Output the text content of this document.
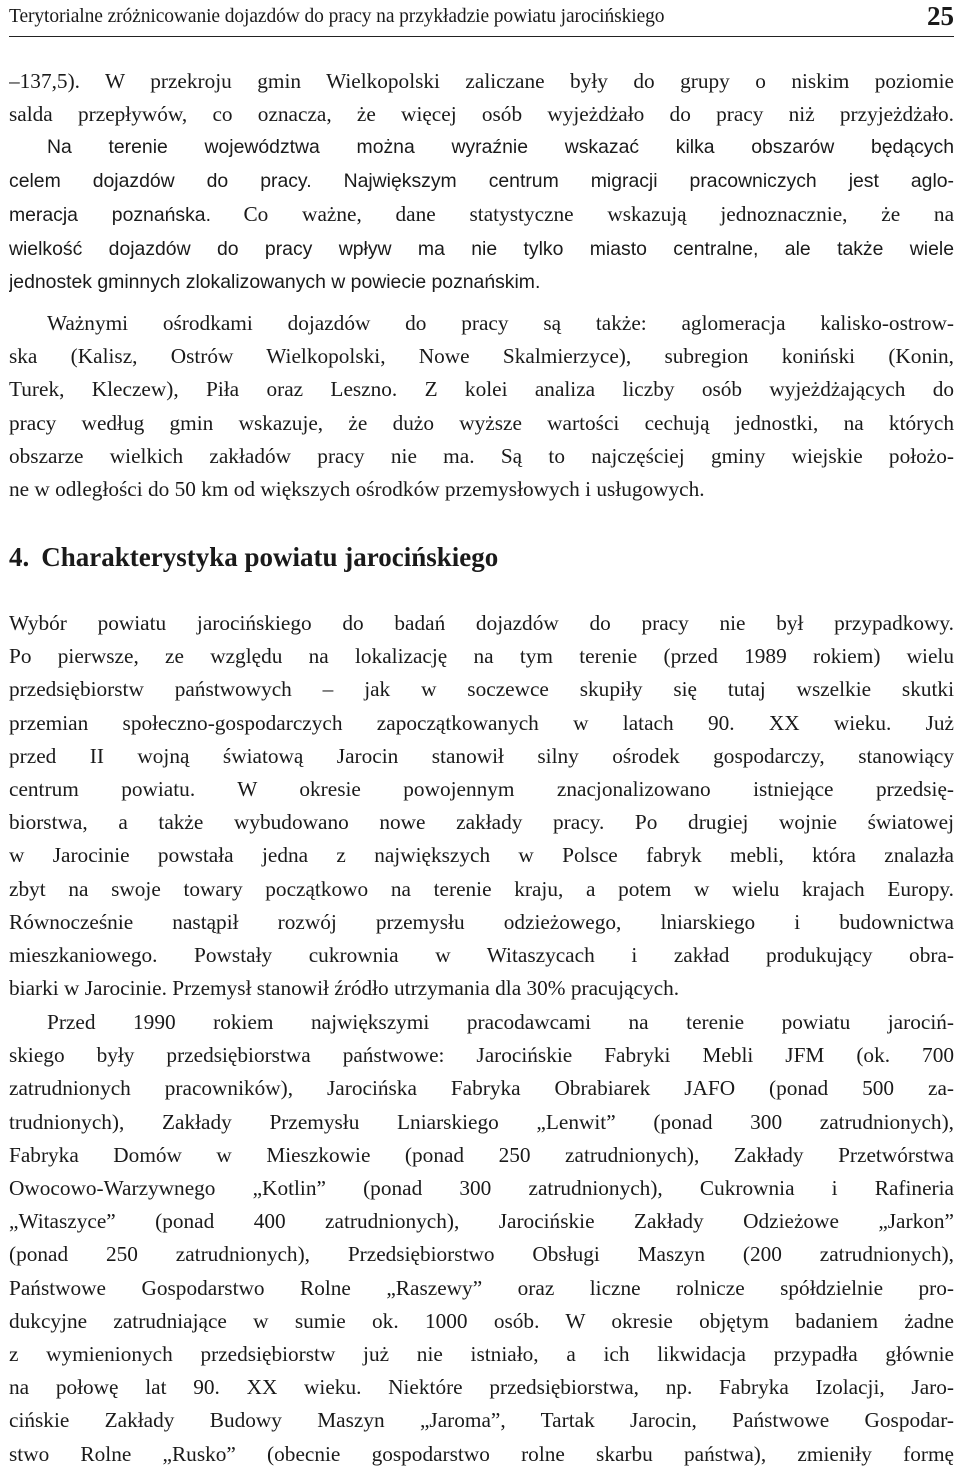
Terytorialne zróżnicowanie dojazdów do pracy na przykładzie powiatu jarocińskiego	25
–137,5). W przekroju gmin Wielkopolski zaliczane były do grupy o niskim poziomie
salda przepływów, co oznacza, że więcej osób wyjeżdżało do pracy niż przyjeżdżało.
Na terenie województwa można wyraźnie wskazać kilka obszarów będących
celem dojazdów do pracy. Największym centrum migracji pracowniczych jest aglo-
meracja poznańska. Co ważne, dane statystyczne wskazują jednoznacznie, że na
wielkość dojazdów do pracy wpływ ma nie tylko miasto centralne, ale także wiele
jednostek gminnych zlokalizowanych w powiecie poznańskim.
Ważnymi ośrodkami dojazdów do pracy są także: aglomeracja kalisko-ostrow-
ska (Kalisz, Ostrów Wielkopolski, Nowe Skalmierzyce), subregion koniński (Konin,
Turek, Kleczew), Piła oraz Leszno. Z kolei analiza liczby osób wyjeżdżających do
pracy według gmin wskazuje, że dużo wyższe wartości cechują jednostki, na których
obszarze wielkich zakładów pracy nie ma. Są to najczęściej gminy wiejskie położo-
ne w odległości do 50 km od większych ośrodków przemysłowych i usługowych.
4. Charakterystyka powiatu jarocińskiego
Wybór powiatu jarocińskiego do badań dojazdów do pracy nie był przypadkowy.
Po pierwsze, ze względu na lokalizację na tym terenie (przed 1989 rokiem) wielu
przedsiębiorstw państwowych – jak w soczewce skupiły się tutaj wszelkie skutki
przemian społeczno-gospodarczych zapoczątkowanych w latach 90. XX wieku. Już
przed II wojną światową Jarocin stanowił silny ośrodek gospodarczy, stanowiący
centrum powiatu. W okresie powojennym znacjonalizowano istniejące przedsię-
biorstwa, a także wybudowano nowe zakłady pracy. Po drugiej wojnie światowej
w Jarocinie powstała jedna z największych w Polsce fabryk mebli, która znalazła
zbyt na swoje towary początkowo na terenie kraju, a potem w wielu krajach Europy.
Równocześnie nastąpił rozwój przemysłu odzieżowego, lniarskiego i budownictwa
mieszkaniowego. Powstały cukrownia w Witaszycach i zakład produkujący obra-
biarki w Jarocinie. Przemysł stanowił źródło utrzymania dla 30% pracujących.
Przed 1990 rokiem największymi pracodawcami na terenie powiatu jarociń-
skiego były przedsiębiorstwa państwowe: Jarocińskie Fabryki Mebli JFM (ok. 700
zatrudnionych pracowników), Jarocińska Fabryka Obrabiarek JAFO (ponad 500 za-
trudnionych), Zakłady Przemysłu Lniarskiego „Lenwit” (ponad 300 zatrudnionych),
Fabryka Domów w Mieszkowie (ponad 250 zatrudnionych), Zakłady Przetwórstwa
Owocowo-Warzywnego „Kotlin” (ponad 300 zatrudnionych), Cukrownia i Rafineria
„Witaszyce” (ponad 400 zatrudnionych), Jarocińskie Zakłady Odzieżowe „Jarkon”
(ponad 250 zatrudnionych), Przedsiębiorstwo Obsługi Maszyn (200 zatrudnionych),
Państwowe Gospodarstwo Rolne „Raszewy” oraz liczne rolnicze spółdzielnie pro-
dukcyjne zatrudniające w sumie ok. 1000 osób. W okresie objętym badaniem żadne
z wymienionych przedsiębiorstw już nie istniało, a ich likwidacja przypadła głównie
na połowę lat 90. XX wieku. Niektóre przedsiębiorstwa, np. Fabryka Izolacji, Jaro-
cińskie Zakłady Budowy Maszyn „Jaroma”, Tartak Jarocin, Państwowe Gospodar-
stwo Rolne „Rusko” (obecnie gospodarstwo rolne skarbu państwa), zmieniły formę
